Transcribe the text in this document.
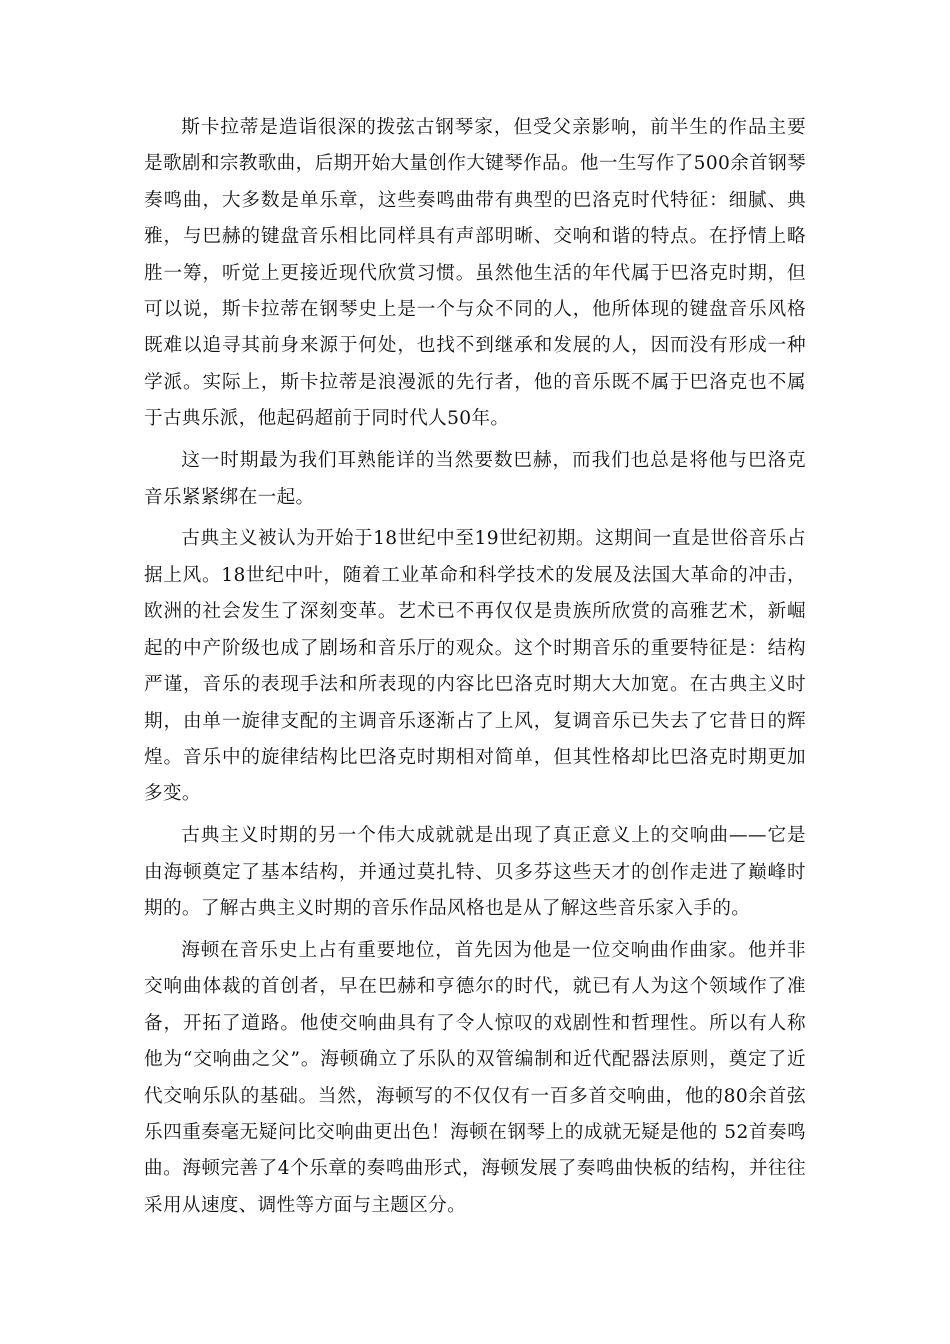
斯卡拉蒂是造诣很深的拨弦古钢琴家，但受父亲影响，前半生的作品主要是歌剧和宗教歌曲，后期开始大量创作大键琴作品。他一生写作了500余首钢琴奏鸣曲，大多数是单乐章，这些奏鸣曲带有典型的巴洛克时代特征：细腻、典雅，与巴赫的键盘音乐相比同样具有声部明晰、交响和谐的特点。在抒情上略胜一筹，听觉上更接近现代欣赏习惯。虽然他生活的年代属于巴洛克时期，但可以说，斯卡拉蒂在钢琴史上是一个与众不同的人，他所体现的键盘音乐风格既难以追寻其前身来源于何处，也找不到继承和发展的人，因而没有形成一种学派。实际上，斯卡拉蒂是浪漫派的先行者，他的音乐既不属于巴洛克也不属于古典乐派，他起码超前于同时代人50年。

这一时期最为我们耳熟能详的当然要数巴赫，而我们也总是将他与巴洛克音乐紧紧绑在一起。

古典主义被认为开始于18世纪中至19世纪初期。这期间一直是世俗音乐占据上风。18世纪中叶，随着工业革命和科学技术的发展及法国大革命的冲击，欧洲的社会发生了深刻变革。艺术已不再仅仅是贵族所欣赏的高雅艺术，新崛起的中产阶级也成了剧场和音乐厅的观众。这个时期音乐的重要特征是：结构严谨，音乐的表现手法和所表现的内容比巴洛克时期大大加宽。在古典主义时期，由单一旋律支配的主调音乐逐渐占了上风，复调音乐已失去了它昔日的辉煌。音乐中的旋律结构比巴洛克时期相对简单，但其性格却比巴洛克时期更加多变。

古典主义时期的另一个伟大成就就是出现了真正意义上的交响曲——它是由海顿奠定了基本结构，并通过莫扎特、贝多芬这些天才的创作走进了巅峰时期的。了解古典主义时期的音乐作品风格也是从了解这些音乐家入手的。

海顿在音乐史上占有重要地位，首先因为他是一位交响曲作曲家。他并非交响曲体裁的首创者，早在巴赫和亨德尔的时代，就已有人为这个领域作了准备，开拓了道路。他使交响曲具有了令人惊叹的戏剧性和哲理性。所以有人称他为“交响曲之父”。海顿确立了乐队的双管编制和近代配器法原则，奠定了近代交响乐队的基础。当然，海顿写的不仅仅有一百多首交响曲，他的80余首弦乐四重奏毫无疑问比交响曲更出色！海顿在钢琴上的成就无疑是他的 52首奏鸣曲。海顿完善了4个乐章的奏鸣曲形式，海顿发展了奏鸣曲快板的结构，并往往采用从速度、调性等方面与主题区分。
